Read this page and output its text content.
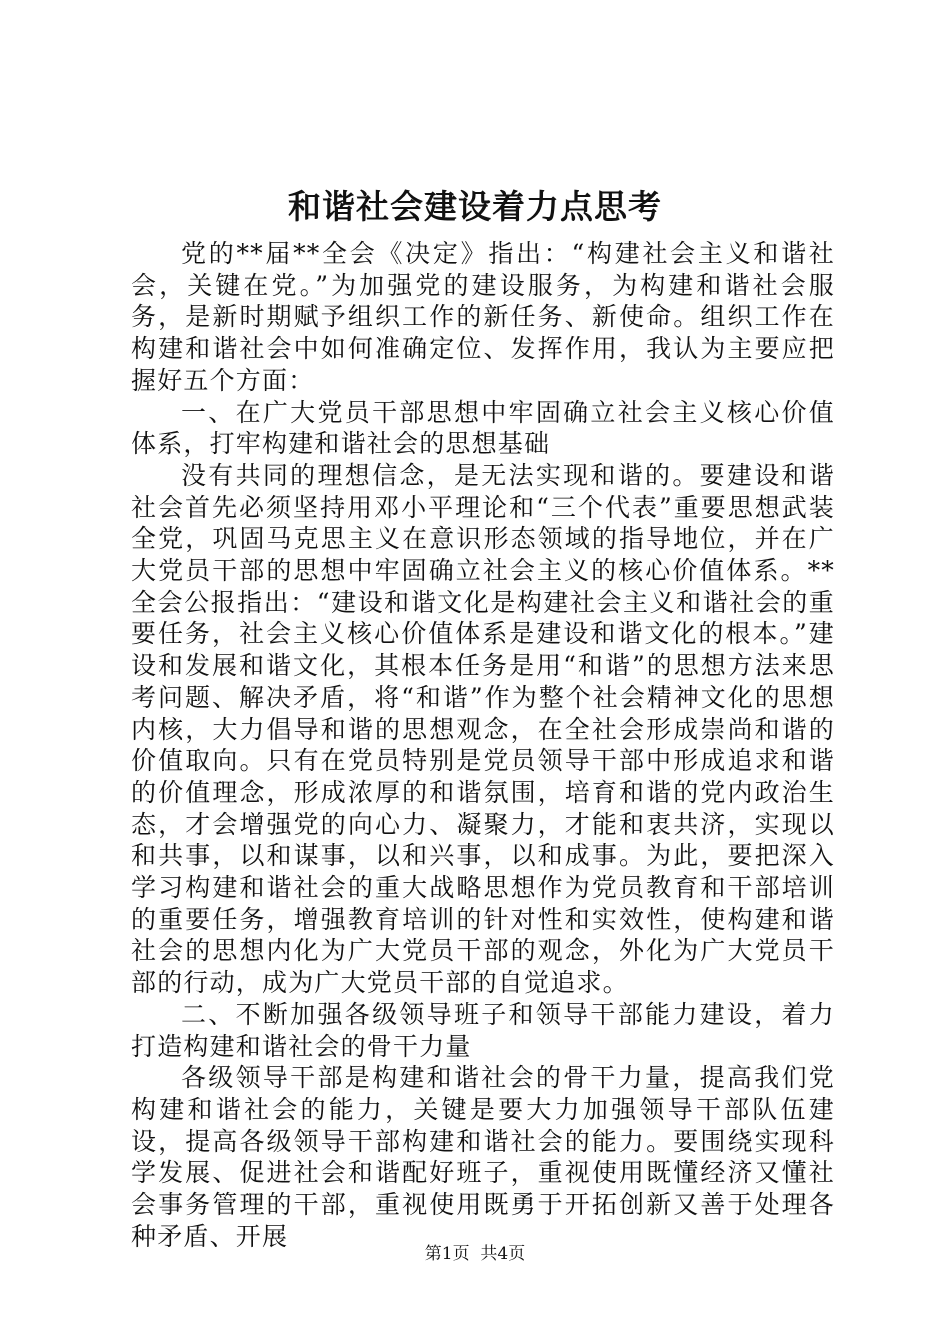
和谐社会建设着力点思考

党的**届**全会《决定》指出：“构建社会主义和谐社会，关键在党。”为加强党的建设服务，为构建和谐社会服务，是新时期赋予组织工作的新任务、新使命。组织工作在构建和谐社会中如何准确定位、发挥作用，我认为主要应把握好五个方面：

一、在广大党员干部思想中牢固确立社会主义核心价值体系，打牢构建和谐社会的思想基础

没有共同的理想信念，是无法实现和谐的。要建设和谐社会首先必须坚持用邓小平理论和“三个代表”重要思想武装全党，巩固马克思主义在意识形态领域的指导地位，并在广大党员干部的思想中牢固确立社会主义的核心价值体系。**全会公报指出：“建设和谐文化是构建社会主义和谐社会的重要任务，社会主义核心价值体系是建设和谐文化的根本。”建设和发展和谐文化，其根本任务是用“和谐”的思想方法来思考问题、解决矛盾，将“和谐”作为整个社会精神文化的思想内核，大力倡导和谐的思想观念，在全社会形成崇尚和谐的价值取向。只有在党员特别是党员领导干部中形成追求和谐的价值理念，形成浓厚的和谐氛围，培育和谐的党内政治生态，才会增强党的向心力、凝聚力，才能和衷共济，实现以和共事，以和谋事，以和兴事，以和成事。为此，要把深入学习构建和谐社会的重大战略思想作为党员教育和干部培训的重要任务，增强教育培训的针对性和实效性，使构建和谐社会的思想内化为广大党员干部的观念，外化为广大党员干部的行动，成为广大党员干部的自觉追求。

二、不断加强各级领导班子和领导干部能力建设，着力打造构建和谐社会的骨干力量

各级领导干部是构建和谐社会的骨干力量，提高我们党构建和谐社会的能力，关键是要大力加强领导干部队伍建设，提高各级领导干部构建和谐社会的能力。要围绕实现科学发展、促进社会和谐配好班子，重视使用既懂经济又懂社会事务管理的干部，重视使用既勇于开拓创新又善于处理各种矛盾、开展

第1页 共4页
